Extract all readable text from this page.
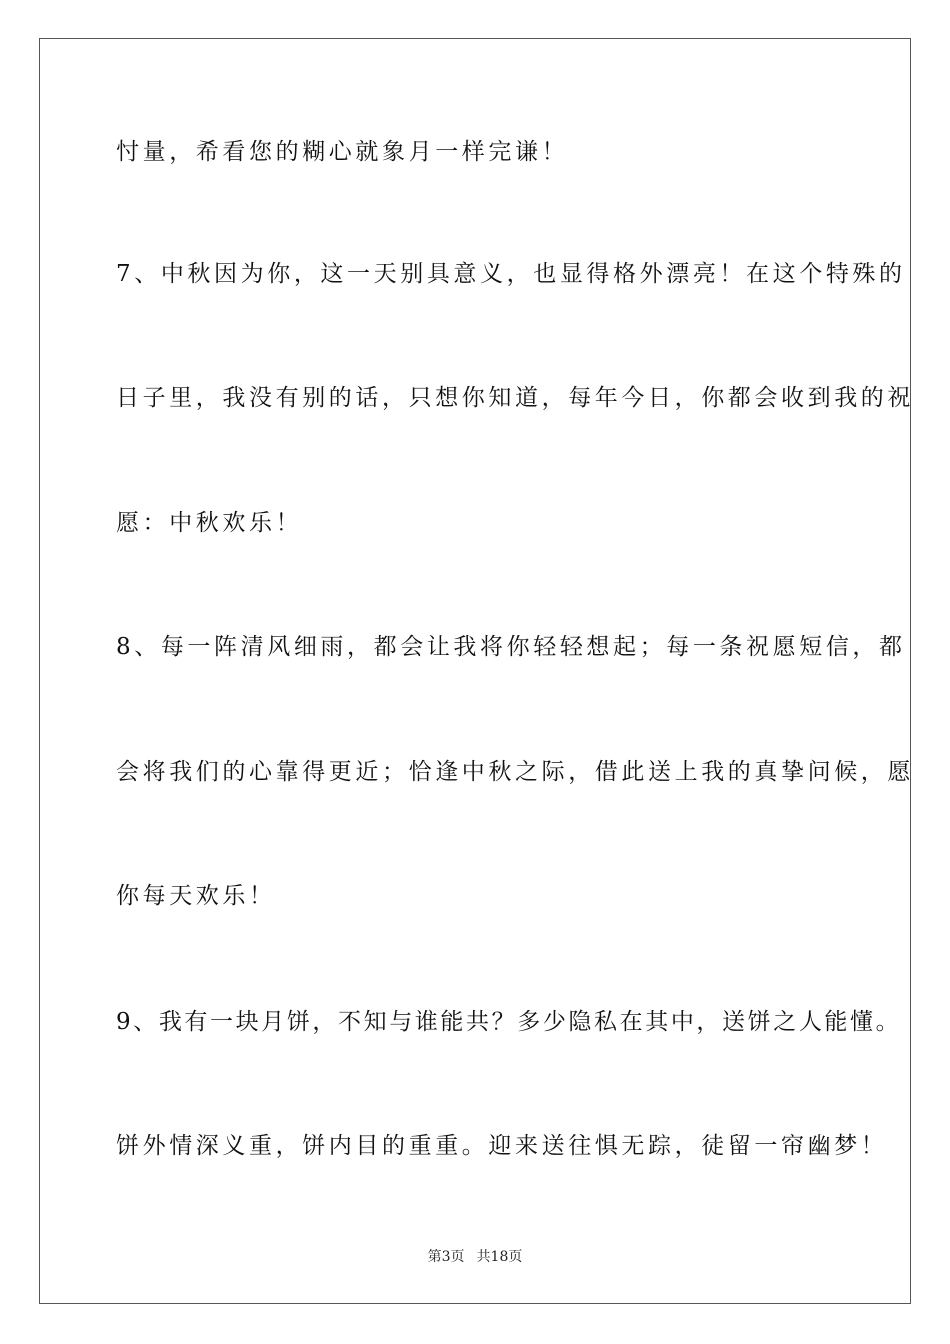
忖量，希看您的糊心就象月一样完谦！
7、中秋因为你，这一天别具意义，也显得格外漂亮！在这个特殊的
日子里，我没有别的话，只想你知道，每年今日，你都会收到我的祝
愿：中秋欢乐！
8、每一阵清风细雨，都会让我将你轻轻想起；每一条祝愿短信，都
会将我们的心靠得更近；恰逢中秋之际，借此送上我的真挚问候，愿
你每天欢乐！
9、我有一块月饼，不知与谁能共？多少隐私在其中，送饼之人能懂。
饼外情深义重，饼内目的重重。迎来送往惧无踪，徒留一帘幽梦！
第3页 共18页
